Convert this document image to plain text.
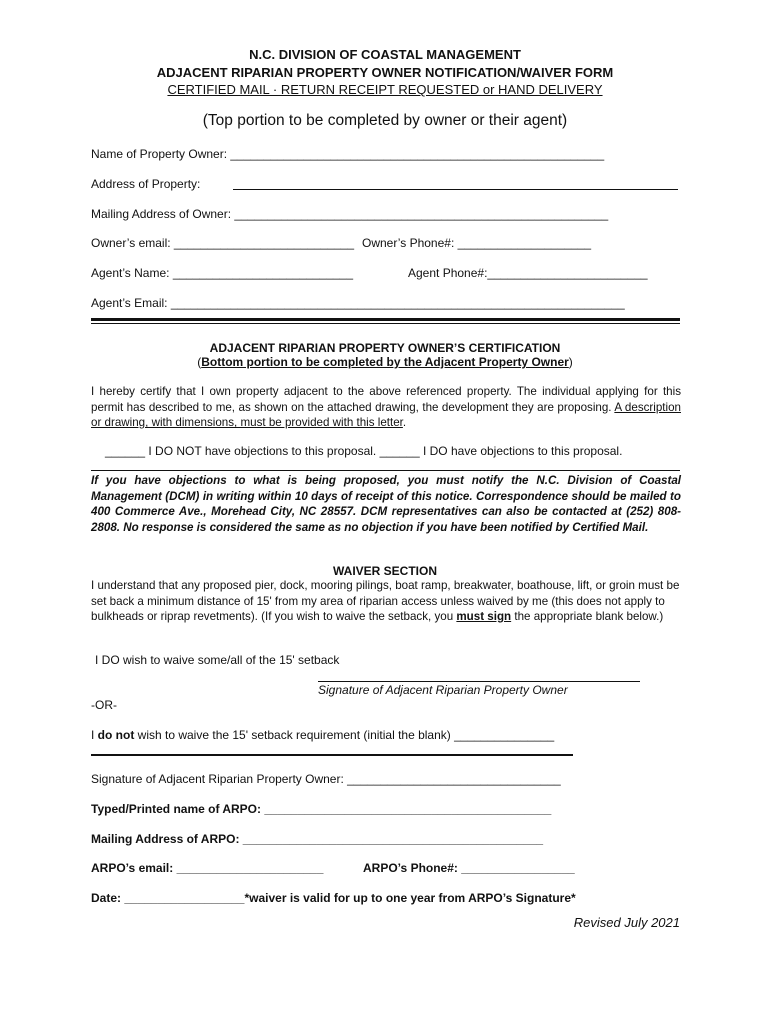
N.C. DIVISION OF COASTAL MANAGEMENT
ADJACENT RIPARIAN PROPERTY OWNER NOTIFICATION/WAIVER FORM
CERTIFIED MAIL · RETURN RECEIPT REQUESTED or HAND DELIVERY
(Top portion to be completed by owner or their agent)
Name of Property Owner: ________________________________________________________
Address of Property:
Mailing Address of Owner: ________________________________________________________
Owner’s email: ___________________________ Owner’s Phone#: ____________________
Agent’s Name: ___________________________	Agent Phone#:________________________
Agent’s Email: ____________________________________________________________________
ADJACENT RIPARIAN PROPERTY OWNER’S CERTIFICATION
(Bottom portion to be completed by the Adjacent Property Owner)
I hereby certify that I own property adjacent to the above referenced property. The individual applying for this permit has described to me, as shown on the attached drawing, the development they are proposing. A description or drawing, with dimensions, must be provided with this letter.
______ I DO NOT have objections to this proposal. ______ I DO have objections to this proposal.
If you have objections to what is being proposed, you must notify the N.C. Division of Coastal Management (DCM) in writing within 10 days of receipt of this notice. Correspondence should be mailed to 400 Commerce Ave., Morehead City, NC 28557. DCM representatives can also be contacted at (252) 808-2808. No response is considered the same as no objection if you have been notified by Certified Mail.
WAIVER SECTION
I understand that any proposed pier, dock, mooring pilings, boat ramp, breakwater, boathouse, lift, or groin must be set back a minimum distance of 15' from my area of riparian access unless waived by me (this does not apply to bulkheads or riprap revetments). (If you wish to waive the setback, you must sign the appropriate blank below.)
I DO wish to waive some/all of the 15' setback
Signature of Adjacent Riparian Property Owner
-OR-
I do not wish to waive the 15' setback requirement (initial the blank) _______________
Signature of Adjacent Riparian Property Owner: ________________________________
Typed/Printed name of ARPO: ___________________________________________
Mailing Address of ARPO: _____________________________________________
ARPO’s email: ______________________	ARPO’s Phone#: _________________
Date: __________________*waiver is valid for up to one year from ARPO’s Signature*
Revised July 2021
